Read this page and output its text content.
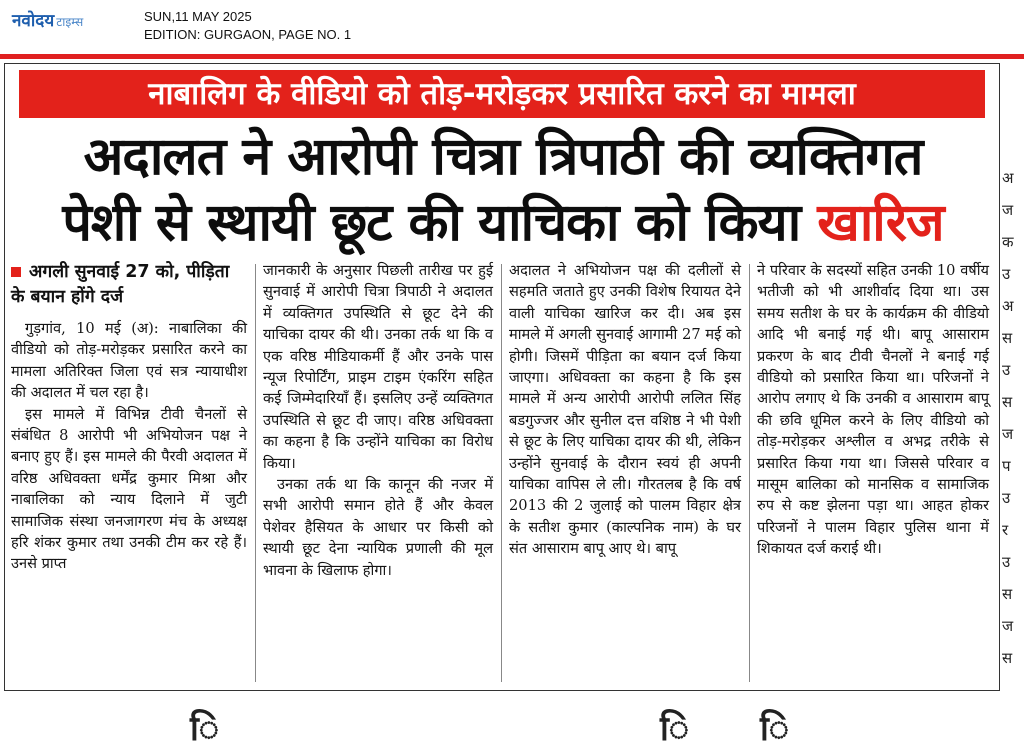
नवोदय टाइम्स	SUN,11 MAY 2025
EDITION: GURGAON, PAGE NO. 1
नाबालिग के वीडियो को तोड़-मरोड़कर प्रसारित करने का मामला
अदालत ने आरोपी चित्रा त्रिपाठी की व्यक्तिगत
पेशी से स्थायी छूट की याचिका को किया खारिज
अगली सुनवाई 27 को, पीड़िता के बयान होंगे दर्ज

गुड़गांव, 10 मई (अ): नाबालिका की वीडियो को तोड़-मरोड़कर प्रसारित करने का मामला अतिरिक्त जिला एवं सत्र न्यायाधीश की अदालत में चल रहा है।

इस मामले में विभिन्न टीवी चैनलों से संबंधित 8 आरोपी भी अभियोजन पक्ष ने बनाए हुए हैं। इस मामले की पैरवी अदालत में वरिष्ठ अधिवक्ता धर्मेंद्र कुमार मिश्रा और नाबालिका को न्याय दिलाने में जुटी सामाजिक संस्था जनजागरण मंच के अध्यक्ष हरि शंकर कुमार तथा उनकी टीम कर रहे हैं। उनसे प्राप्त

जानकारी के अनुसार पिछली तारीख पर हुई सुनवाई में आरोपी चित्रा त्रिपाठी ने अदालत में व्यक्तिगत उपस्थिति से छूट देने की याचिका दायर की थी। उनका तर्क था कि व एक वरिष्ठ मीडियाकर्मी हैं और उनके पास न्यूज रिपोर्टिंग, प्राइम टाइम एंकरिंग सहित कई जिम्मेदारियाँ हैं। इसलिए उन्हें व्यक्तिगत उपस्थिति से छूट दी जाए। वरिष्ठ अधिवक्ता का कहना है कि उन्होंने याचिका का विरोध किया।

उनका तर्क था कि कानून की नजर में सभी आरोपी समान होते हैं और केवल पेशेवर हैसियत के आधार पर किसी को स्थायी छूट देना न्यायिक प्रणाली की मूल भावना के खिलाफ होगा।

अदालत ने अभियोजन पक्ष की दलीलों से सहमति जताते हुए उनकी विशेष रियायत देने वाली याचिका खारिज कर दी। अब इस मामले में अगली सुनवाई आगामी 27 मई को होगी। जिसमें पीड़िता का बयान दर्ज किया जाएगा। अधिवक्ता का कहना है कि इस मामले में अन्य आरोपी आरोपी ललित सिंह बडगुज्जर और सुनील दत्त वशिष्ठ ने भी पेशी से छूट के लिए याचिका दायर की थी, लेकिन उन्होंने सुनवाई के दौरान स्वयं ही अपनी याचिका वापिस ले ली। गौरतलब है कि वर्ष 2013 की 2 जुलाई को पालम विहार क्षेत्र के सतीश कुमार (काल्पनिक नाम) के घर संत आसाराम बापू आए थे। बापू

ने परिवार के सदस्यों सहित उनकी 10 वर्षीय भतीजी को भी आशीर्वाद दिया था। उस समय सतीश के घर के कार्यक्रम की वीडियो आदि भी बनाई गई थी। बापू आसाराम प्रकरण के बाद टीवी चैनलों ने बनाई गई वीडियो को प्रसारित किया था। परिजनों ने आरोप लगाए थे कि उनकी व आसाराम बापू की छवि धूमिल करने के लिए वीडियो को तोड़-मरोड़कर अश्लील व अभद्र तरीके से प्रसारित किया गया था। जिससे परिवार व मासूम बालिका को मानसिक व सामाजिक रुप से कष्ट झेलना पड़ा था। आहत होकर परिजनों ने पालम विहार पुलिस थाना में शिकायत दर्ज कराई थी।

अ
ज
क
उ
अ
स
उ
स
ज
प
उ
र
उ
स
ज
स
ि	ि ि
